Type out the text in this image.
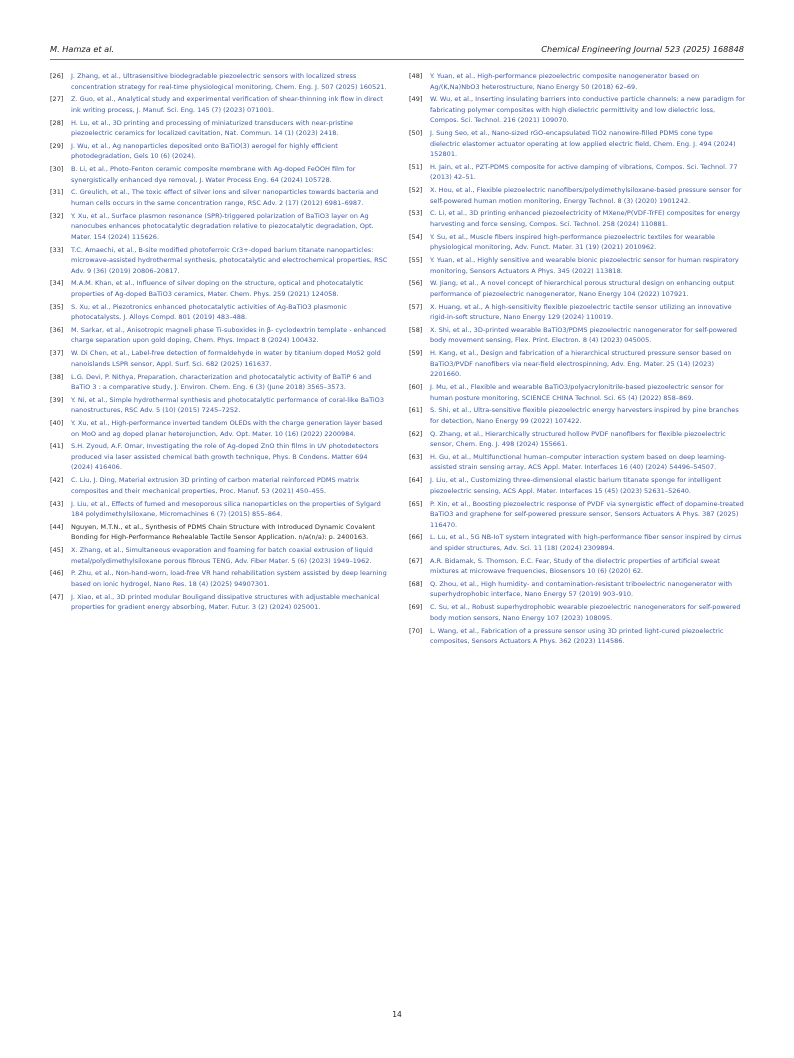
M. Hamza et al.	Chemical Engineering Journal 523 (2025) 168848
[26] J. Zhang, et al., Ultrasensitive biodegradable piezoelectric sensors with localized stress concentration strategy for real-time physiological monitoring, Chem. Eng. J. 507 (2025) 160521.
[27] Z. Guo, et al., Analytical study and experimental verification of shear-thinning ink flow in direct ink writing process, J. Manuf. Sci. Eng. 145 (7) (2023) 071001.
[28] H. Lu, et al., 3D printing and processing of miniaturized transducers with near-pristine piezoelectric ceramics for localized cavitation, Nat. Commun. 14 (1) (2023) 2418.
[29] J. Wu, et al., Ag nanoparticles deposited onto BaTiO(3) aerogel for highly efficient photodegradation, Gels 10 (6) (2024).
[30] B. Li, et al., Photo-Fenton ceramic composite membrane with Ag-doped FeOOH film for synergistically enhanced dye removal, J. Water Process Eng. 64 (2024) 105728.
[31] C. Greulich, et al., The toxic effect of silver ions and silver nanoparticles towards bacteria and human cells occurs in the same concentration range, RSC Adv. 2 (17) (2012) 6981–6987.
[32] Y. Xu, et al., Surface plasmon resonance (SPR)-triggered polarization of BaTiO3 layer on Ag nanocubes enhances photocatalytic degradation relative to piezocatalytic degradation, Opt. Mater. 154 (2024) 115626.
[33] T.C. Amaechi, et al., B-site modified photoferroic Cr3+-doped barium titanate nanoparticles: microwave-assisted hydrothermal synthesis, photocatalytic and electrochemical properties, RSC Adv. 9 (36) (2019) 20806–20817.
[34] M.A.M. Khan, et al., Influence of silver doping on the structure, optical and photocatalytic properties of Ag-doped BaTiO3 ceramics, Mater. Chem. Phys. 259 (2021) 124058.
[35] S. Xu, et al., Piezotronics enhanced photocatalytic activities of Ag-BaTiO3 plasmonic photocatalysts, J. Alloys Compd. 801 (2019) 483–488.
[36] M. Sarkar, et al., Anisotropic magneli phase Ti-suboxides in β- cyclodextrin template - enhanced charge separation upon gold doping, Chem. Phys. Impact 8 (2024) 100432.
[37] W. Di Chen, et al., Label-free detection of formaldehyde in water by titanium doped MoS2 gold nanoislands LSPR sensor, Appl. Surf. Sci. 682 (2025) 161637.
[38] L.G. Devi, P. Nithya, Preparation, characterization and photocatalytic activity of BaTiP 6 and BaTiO 3 : a comparative study, J. Environ. Chem. Eng. 6 (3) (June 2018) 3565–3573.
[39] Y. Ni, et al., Simple hydrothermal synthesis and photocatalytic performance of coral-like BaTiO3 nanostructures, RSC Adv. 5 (10) (2015) 7245–7252.
[40] Y. Xu, et al., High-performance inverted tandem OLEDs with the charge generation layer based on MoO and ag doped planar heterojunction, Adv. Opt. Mater. 10 (16) (2022) 2200984.
[41] S.H. Zyoud, A.F. Omar, Investigating the role of Ag-doped ZnO thin films in UV photodetectors produced via laser assisted chemical bath growth technique, Phys. B Condens. Matter 694 (2024) 416406.
[42] C. Liu, J. Ding, Material extrusion 3D printing of carbon material reinforced PDMS matrix composites and their mechanical properties, Proc. Manuf. 53 (2021) 450–455.
[43] J. Liu, et al., Effects of fumed and mesoporous silica nanoparticles on the properties of Sylgard 184 polydimethylsiloxane, Micromachines 6 (7) (2015) 855–864.
[44] Nguyen, M.T.N., et al., Synthesis of PDMS Chain Structure with Introduced Dynamic Covalent Bonding for High-Performance Rehealable Tactile Sensor Application. n/a(n/a): p. 2400163.
[45] X. Zhang, et al., Simultaneous evaporation and foaming for batch coaxial extrusion of liquid metal/polydimethylsiloxane porous fibrous TENG, Adv. Fiber Mater. 5 (6) (2023) 1949–1962.
[46] P. Zhu, et al., Non-hand-worn, load-free VR hand rehabilitation system assisted by deep learning based on ionic hydrogel, Nano Res. 18 (4) (2025) 94907301.
[47] J. Xiao, et al., 3D printed modular Bouligand dissipative structures with adjustable mechanical properties for gradient energy absorbing, Mater. Futur. 3 (2) (2024) 025001.
[48] Y. Yuan, et al., High-performance piezoelectric composite nanogenerator based on Ag/(K,Na)NbO3 heterostructure, Nano Energy 50 (2018) 62–69.
[49] W. Wu, et al., Inserting insulating barriers into conductive particle channels: a new paradigm for fabricating polymer composites with high dielectric permittivity and low dielectric loss, Compos. Sci. Technol. 216 (2021) 109070.
[50] J. Sung Seo, et al., Nano-sized rGO-encapsulated TiO2 nanowire-filled PDMS cone type dielectric elastomer actuator operating at low applied electric field, Chem. Eng. J. 494 (2024) 152801.
[51] H. Jain, et al., PZT-PDMS composite for active damping of vibrations, Compos. Sci. Technol. 77 (2013) 42–51.
[52] X. Hou, et al., Flexible piezoelectric nanofibers/polydimethylsiloxane-based pressure sensor for self-powered human motion monitoring, Energy Technol. 8 (3) (2020) 1901242.
[53] C. Li, et al., 3D printing enhanced piezoelectricity of MXene/P(VDF-TrFE) composites for energy harvesting and force sensing, Compos. Sci. Technol. 258 (2024) 110881.
[54] Y. Su, et al., Muscle fibers inspired high-performance piezoelectric textiles for wearable physiological monitoring, Adv. Funct. Mater. 31 (19) (2021) 2010962.
[55] Y. Yuan, et al., Highly sensitive and wearable bionic piezoelectric sensor for human respiratory monitoring, Sensors Actuators A Phys. 345 (2022) 113818.
[56] W. Jiang, et al., A novel concept of hierarchical porous structural design on enhancing output performance of piezoelectric nanogenerator, Nano Energy 104 (2022) 107921.
[57] X. Huang, et al., A high-sensitivity flexible piezoelectric tactile sensor utilizing an innovative rigid-in-soft structure, Nano Energy 129 (2024) 110019.
[58] X. Shi, et al., 3D-printed wearable BaTiO3/PDMS piezoelectric nanogenerator for self-powered body movement sensing, Flex. Print. Electron. 8 (4) (2023) 045005.
[59] H. Kang, et al., Design and fabrication of a hierarchical structured pressure sensor based on BaTiO3/PVDF nanofibers via near-field electrospinning, Adv. Eng. Mater. 25 (14) (2023) 2201660.
[60] J. Mu, et al., Flexible and wearable BaTiO3/polyacrylonitrile-based piezoelectric sensor for human posture monitoring, SCIENCE CHINA Technol. Sci. 65 (4) (2022) 858–869.
[61] S. Shi, et al., Ultra-sensitive flexible piezoelectric energy harvesters inspired by pine branches for detection, Nano Energy 99 (2022) 107422.
[62] Q. Zhang, et al., Hierarchically structured hollow PVDF nanofibers for flexible piezoelectric sensor, Chem. Eng. J. 498 (2024) 155661.
[63] H. Gu, et al., Multifunctional human–computer interaction system based on deep learning-assisted strain sensing array, ACS Appl. Mater. Interfaces 16 (40) (2024) 54496–54507.
[64] J. Liu, et al., Customizing three-dimensional elastic barium titanate sponge for intelligent piezoelectric sensing, ACS Appl. Mater. Interfaces 15 (45) (2023) 52631–52640.
[65] P. Xin, et al., Boosting piezoelectric response of PVDF via synergistic effect of dopamine-treated BaTiO3 and graphene for self-powered pressure sensor, Sensors Actuators A Phys. 387 (2025) 116470.
[66] L. Lu, et al., 5G NB-IoT system integrated with high-performance fiber sensor inspired by cirrus and spider structures, Adv. Sci. 11 (18) (2024) 2309894.
[67] A.R. Bidamak, S. Thomson, E.C. Fear, Study of the dielectric properties of artificial sweat mixtures at microwave frequencies, Biosensors 10 (6) (2020) 62.
[68] Q. Zhou, et al., High humidity- and contamination-resistant triboelectric nanogenerator with superhydrophobic interface, Nano Energy 57 (2019) 903–910.
[69] C. Su, et al., Robust superhydrophobic wearable piezoelectric nanogenerators for self-powered body motion sensors, Nano Energy 107 (2023) 108095.
[70] L. Wang, et al., Fabrication of a pressure sensor using 3D printed light-cured piezoelectric composites, Sensors Actuators A Phys. 362 (2023) 114586.
14
